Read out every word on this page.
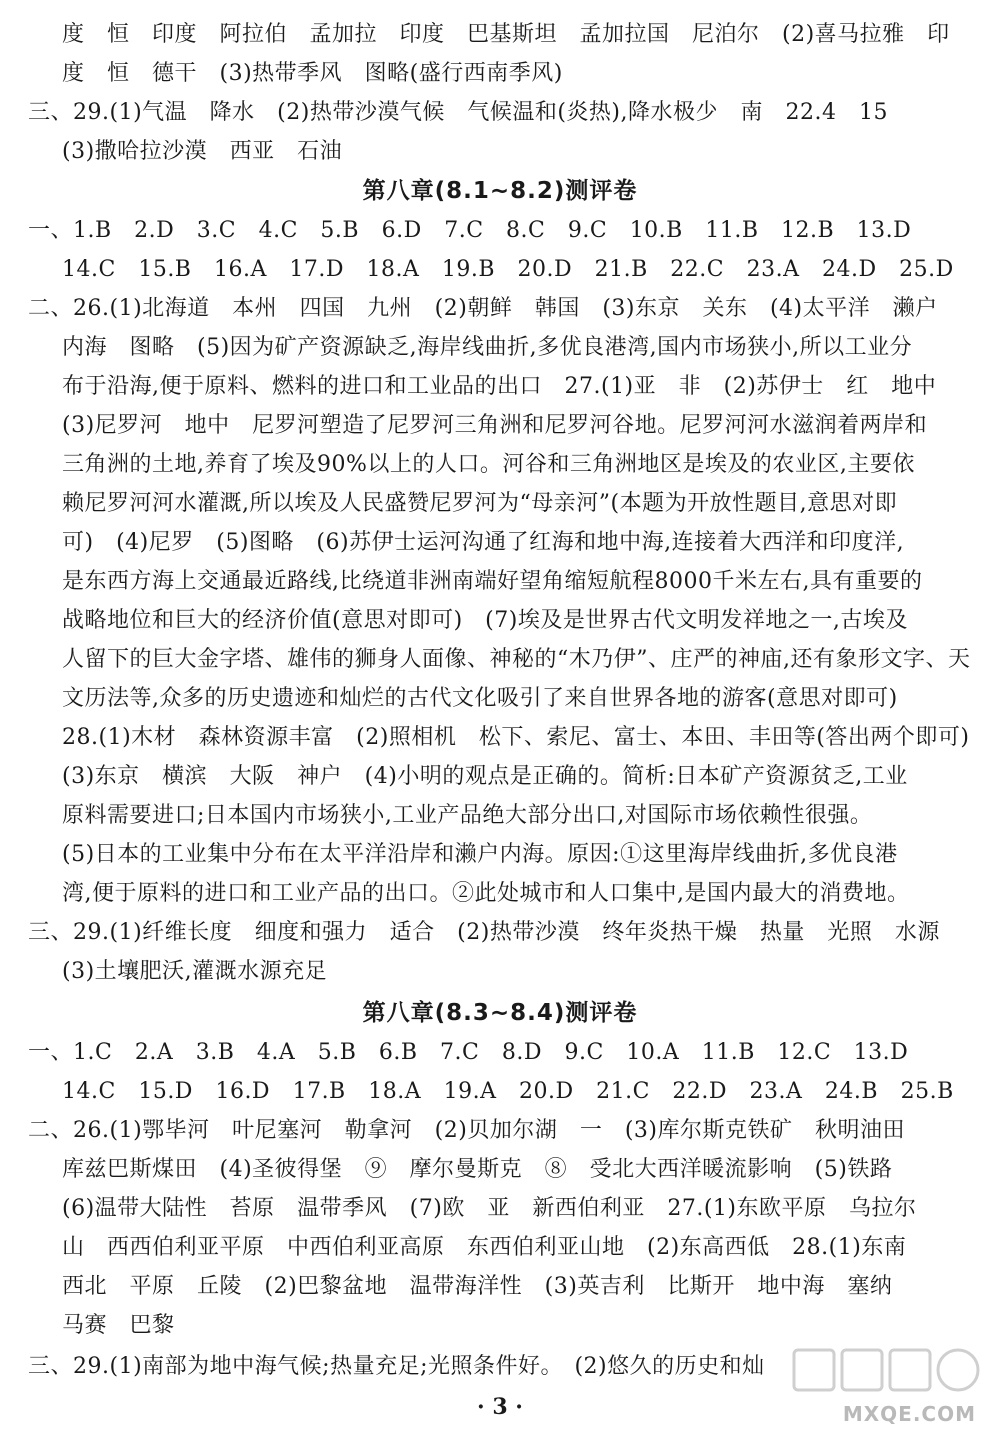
度　恒　印度　阿拉伯　孟加拉　印度　巴基斯坦　孟加拉国　尼泊尔　(2)喜马拉雅　印
度　恒　德干　(3)热带季风　图略(盛行西南季风)
三、29.(1)气温　降水　(2)热带沙漠气候　气候温和(炎热),降水极少　南　22.4　15
(3)撒哈拉沙漠　西亚　石油
第八章(8.1~8.2)测评卷
一、1.B　2.D　3.C　4.C　5.B　6.D　7.C　8.C　9.C　10.B　11.B　12.B　13.D
14.C　15.B　16.A　17.D　18.A　19.B　20.D　21.B　22.C　23.A　24.D　25.D
二、26.(1)北海道　本州　四国　九州　(2)朝鲜　韩国　(3)东京　关东　(4)太平洋　濑户
内海　图略　(5)因为矿产资源缺乏,海岸线曲折,多优良港湾,国内市场狭小,所以工业分
布于沿海,便于原料、燃料的进口和工业品的出口　27.(1)亚　非　(2)苏伊士　红　地中
(3)尼罗河　地中　尼罗河塑造了尼罗河三角洲和尼罗河谷地。尼罗河河水滋润着两岸和
三角洲的土地,养育了埃及90%以上的人口。河谷和三角洲地区是埃及的农业区,主要依
赖尼罗河河水灌溉,所以埃及人民盛赞尼罗河为“母亲河”(本题为开放性题目,意思对即
可)　(4)尼罗　(5)图略　(6)苏伊士运河沟通了红海和地中海,连接着大西洋和印度洋,
是东西方海上交通最近路线,比绕道非洲南端好望角缩短航程8000千米左右,具有重要的
战略地位和巨大的经济价值(意思对即可)　(7)埃及是世界古代文明发祥地之一,古埃及
人留下的巨大金字塔、雄伟的狮身人面像、神秘的“木乃伊”、庄严的神庙,还有象形文字、天
文历法等,众多的历史遗迹和灿烂的古代文化吸引了来自世界各地的游客(意思对即可)
28.(1)木材　森林资源丰富　(2)照相机　松下、索尼、富士、本田、丰田等(答出两个即可)
(3)东京　横滨　大阪　神户　(4)小明的观点是正确的。简析:日本矿产资源贫乏,工业
原料需要进口;日本国内市场狭小,工业产品绝大部分出口,对国际市场依赖性很强。
(5)日本的工业集中分布在太平洋沿岸和濑户内海。原因:①这里海岸线曲折,多优良港
湾,便于原料的进口和工业产品的出口。②此处城市和人口集中,是国内最大的消费地。
三、29.(1)纤维长度　细度和强力　适合　(2)热带沙漠　终年炎热干燥　热量　光照　水源
(3)土壤肥沃,灌溉水源充足
第八章(8.3~8.4)测评卷
一、1.C　2.A　3.B　4.A　5.B　6.B　7.C　8.D　9.C　10.A　11.B　12.C　13.D
14.C　15.D　16.D　17.B　18.A　19.A　20.D　21.C　22.D　23.A　24.B　25.B
二、26.(1)鄂毕河　叶尼塞河　勒拿河　(2)贝加尔湖　一　(3)库尔斯克铁矿　秋明油田
库兹巴斯煤田　(4)圣彼得堡　⑨　摩尔曼斯克　⑧　受北大西洋暖流影响　(5)铁路
(6)温带大陆性　苔原　温带季风　(7)欧　亚　新西伯利亚　27.(1)东欧平原　乌拉尔
山　西西伯利亚平原　中西伯利亚高原　东西伯利亚山地　(2)东高西低　28.(1)东南
西北　平原　丘陵　(2)巴黎盆地　温带海洋性　(3)英吉利　比斯开　地中海　塞纳
马赛　巴黎
三、29.(1)南部为地中海气候;热量充足;光照条件好。　(2)悠久的历史和灿
· 3 ·	MXQE.COM
